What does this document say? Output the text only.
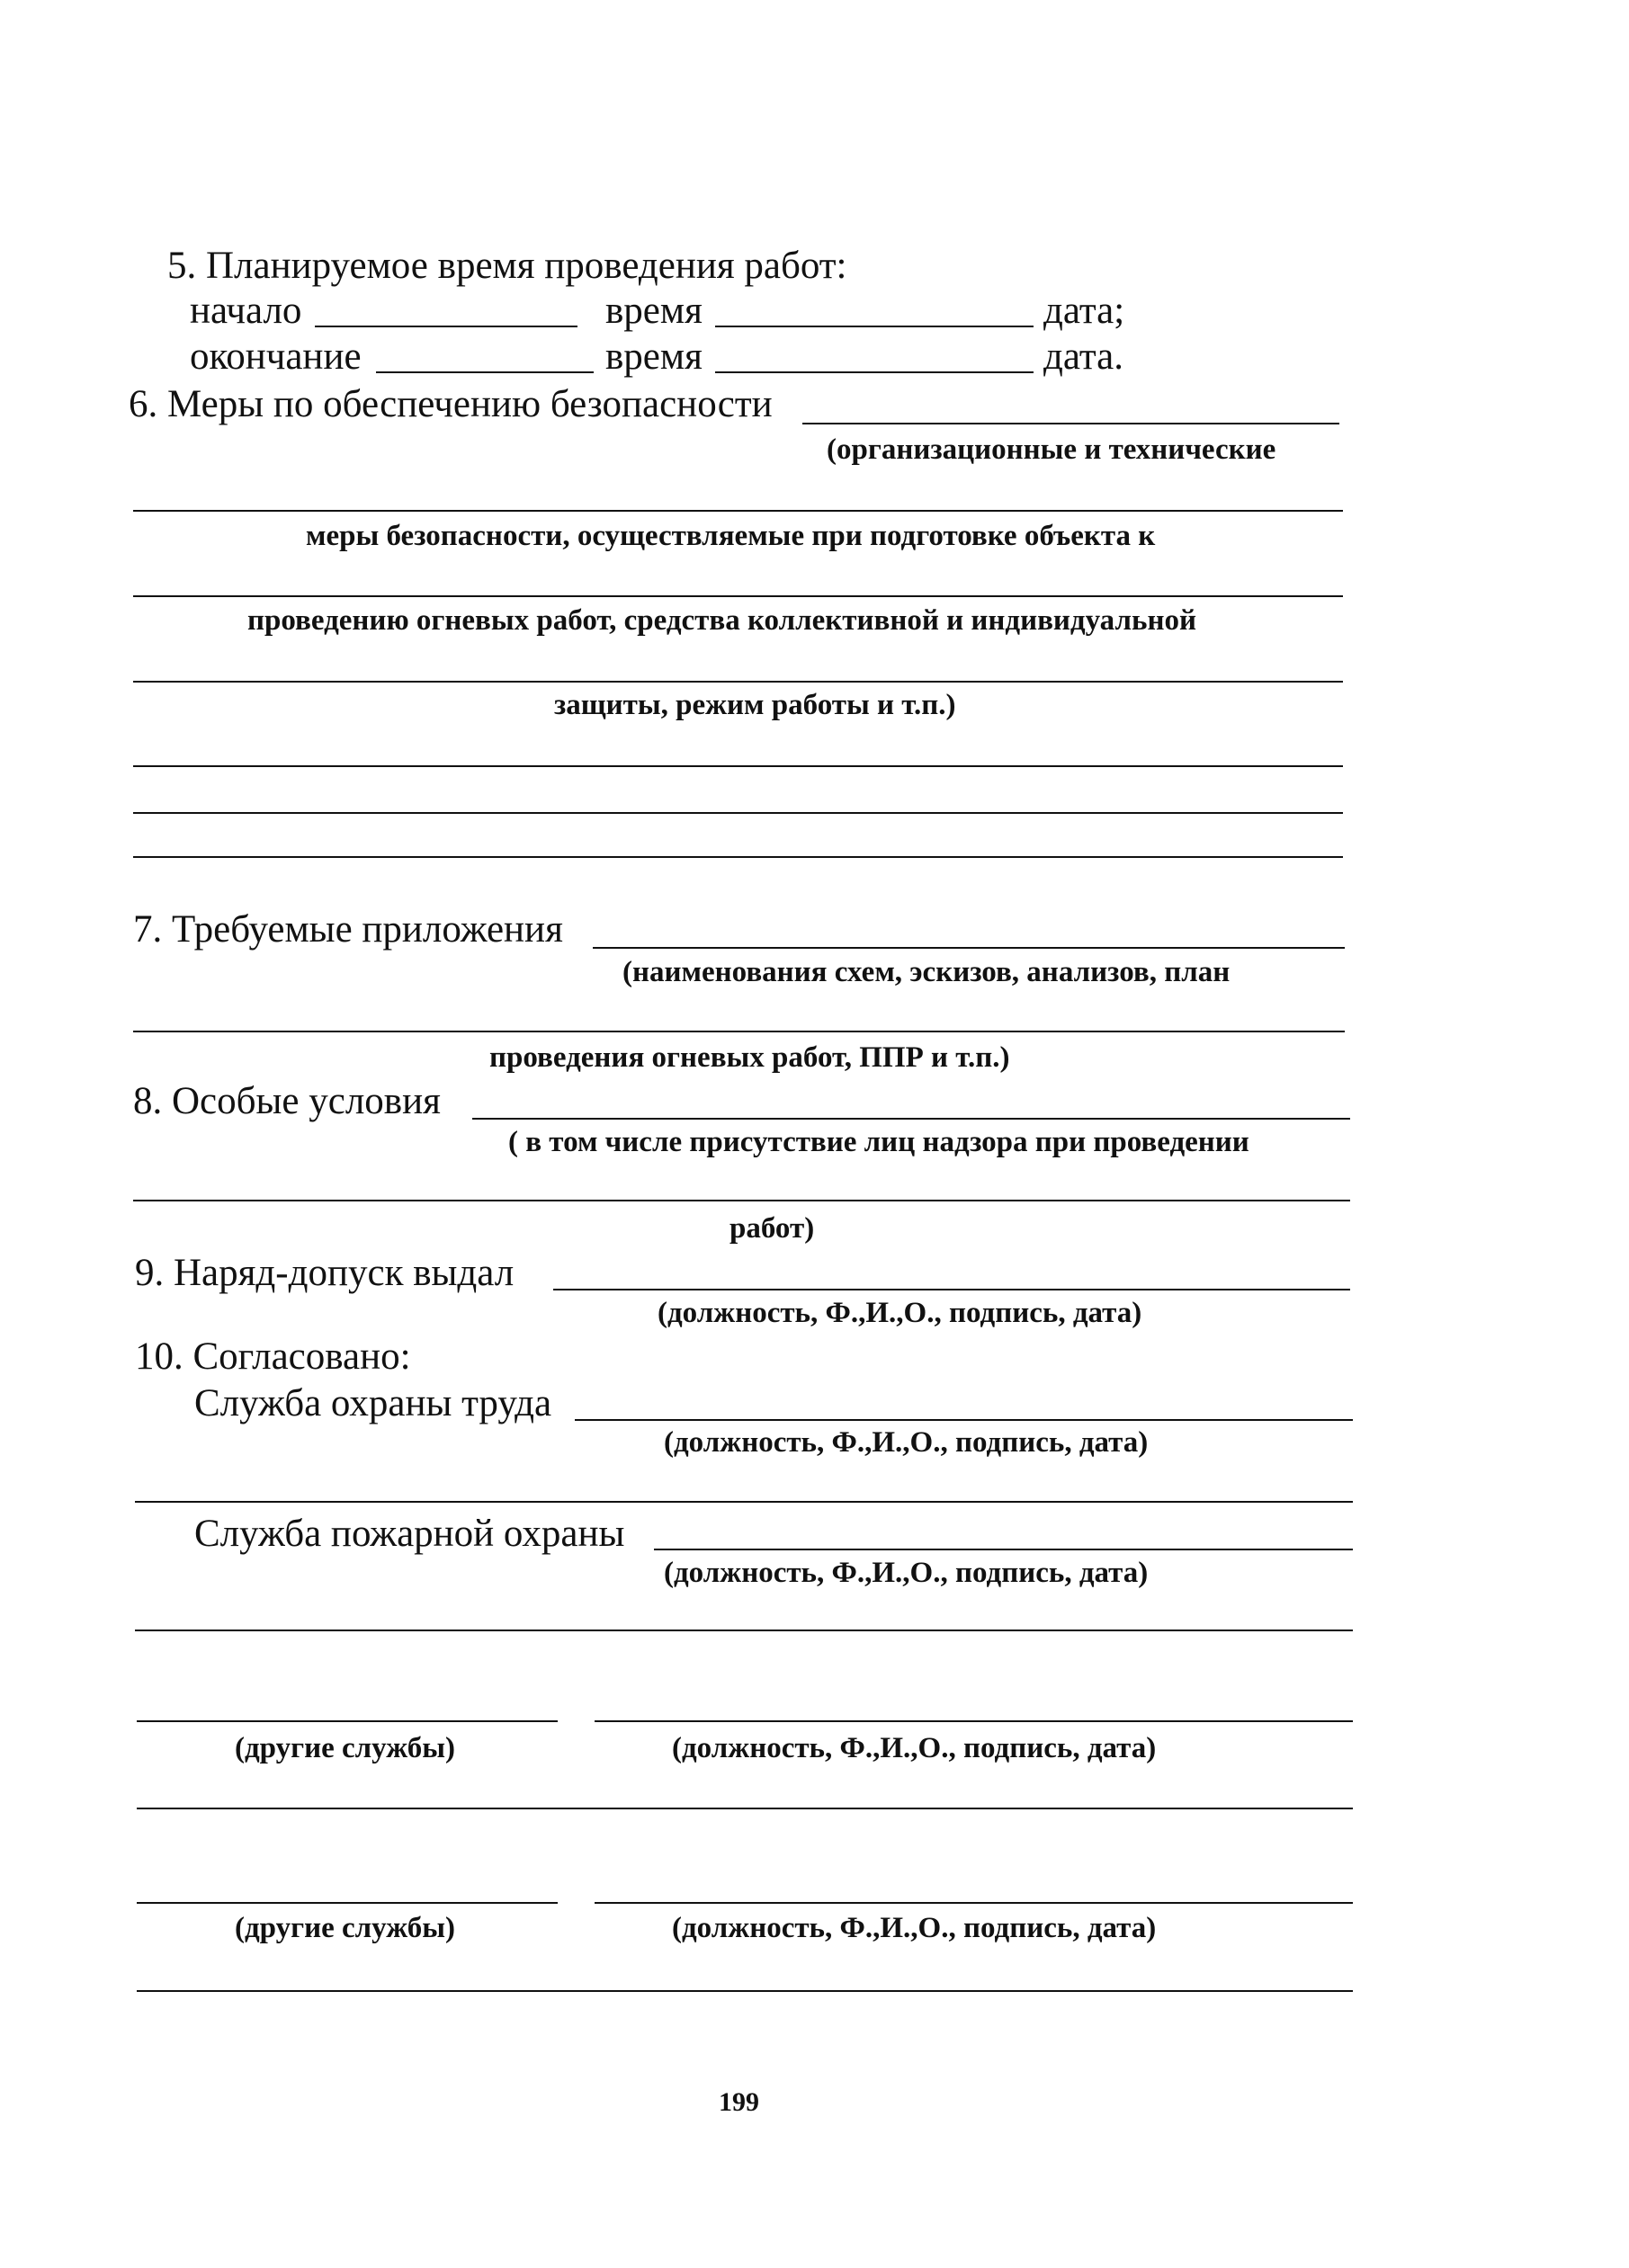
5. Планируемое время проведения работ:
начало	время	дата;
окончание	время	дата.
6. Меры по обеспечению безопасности
(организационные и технические
меры безопасности, осуществляемые при подготовке объекта к
проведению огневых работ, средства коллективной и индивидуальной
защиты, режим работы и т.п.)
7. Требуемые приложения
(наименования схем, эскизов, анализов, план
проведения огневых работ, ППР и т.п.)
8. Особые условия
( в том числе присутствие лиц надзора при проведении
работ)
9. Наряд-допуск выдал
(должность, Ф.,И.,О., подпись, дата)
10. Согласовано:
Служба охраны труда
(должность, Ф.,И.,О., подпись, дата)
Служба пожарной охраны
(должность, Ф.,И.,О., подпись, дата)
(другие службы)	(должность, Ф.,И.,О., подпись, дата)
(другие службы)	(должность, Ф.,И.,О., подпись, дата)
199
